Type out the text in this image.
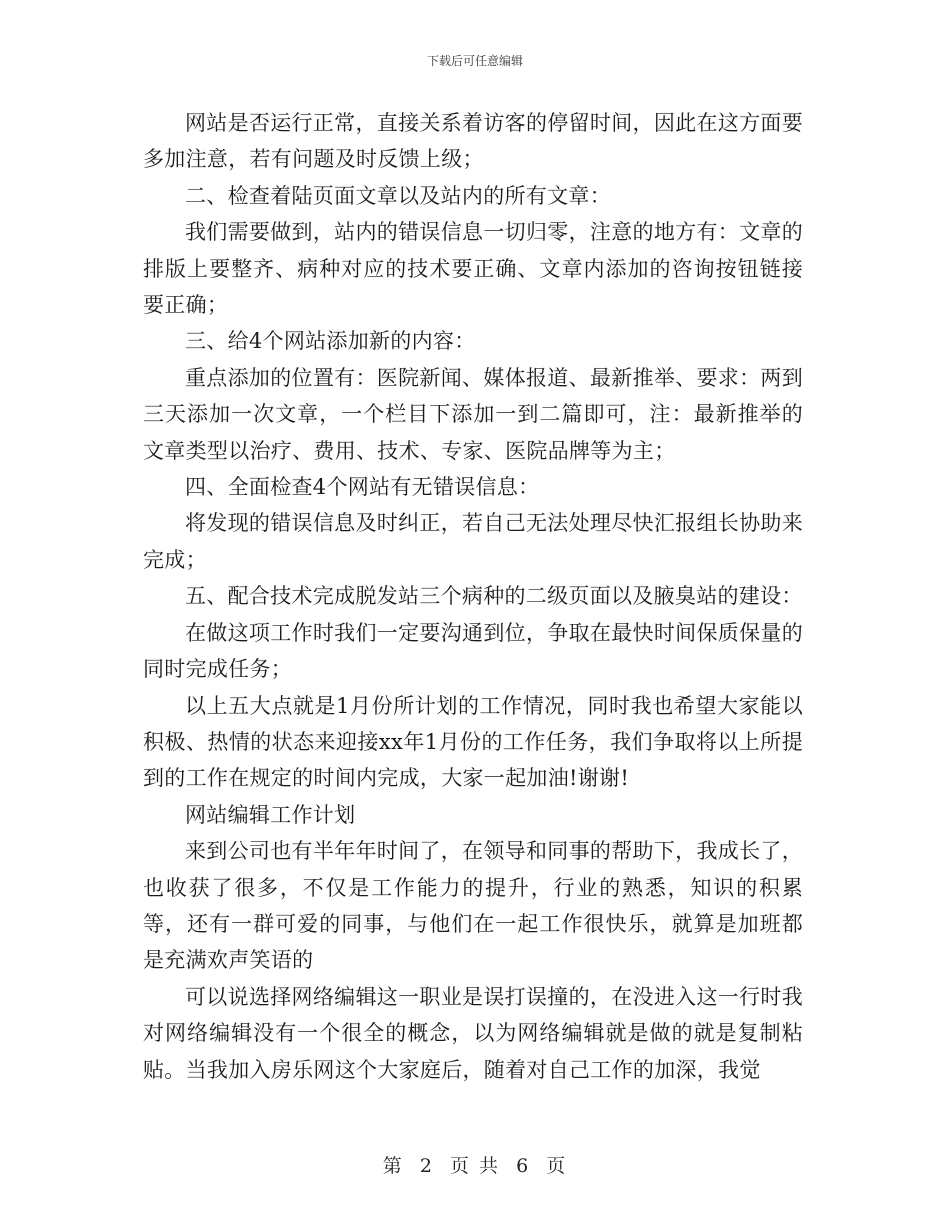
下载后可任意编辑

网站是否运行正常，直接关系着访客的停留时间，因此在这方面要多加注意，若有问题及时反馈上级；

二、检查着陆页面文章以及站内的所有文章：

我们需要做到，站内的错误信息一切归零，注意的地方有：文章的排版上要整齐、病种对应的技术要正确、文章内添加的咨询按钮链接要正确；

三、给4个网站添加新的内容：

重点添加的位置有：医院新闻、媒体报道、最新推举、要求：两到三天添加一次文章，一个栏目下添加一到二篇即可，注：最新推举的文章类型以治疗、费用、技术、专家、医院品牌等为主；

四、全面检查4个网站有无错误信息：

将发现的错误信息及时纠正，若自己无法处理尽快汇报组长协助来完成；

五、配合技术完成脱发站三个病种的二级页面以及腋臭站的建设：

在做这项工作时我们一定要沟通到位，争取在最快时间保质保量的同时完成任务；

以上五大点就是1月份所计划的工作情况，同时我也希望大家能以积极、热情的状态来迎接xx年1月份的工作任务，我们争取将以上所提到的工作在规定的时间内完成，大家一起加油!谢谢!

网站编辑工作计划

来到公司也有半年年时间了，在领导和同事的帮助下，我成长了，也收获了很多，不仅是工作能力的提升，行业的熟悉，知识的积累等，还有一群可爱的同事，与他们在一起工作很快乐，就算是加班都是充满欢声笑语的

可以说选择网络编辑这一职业是误打误撞的，在没进入这一行时我对网络编辑没有一个很全的概念，以为网络编辑就是做的就是复制粘贴。当我加入房乐网这个大家庭后，随着对自己工作的加深，我觉

第 2 页 共 6 页
